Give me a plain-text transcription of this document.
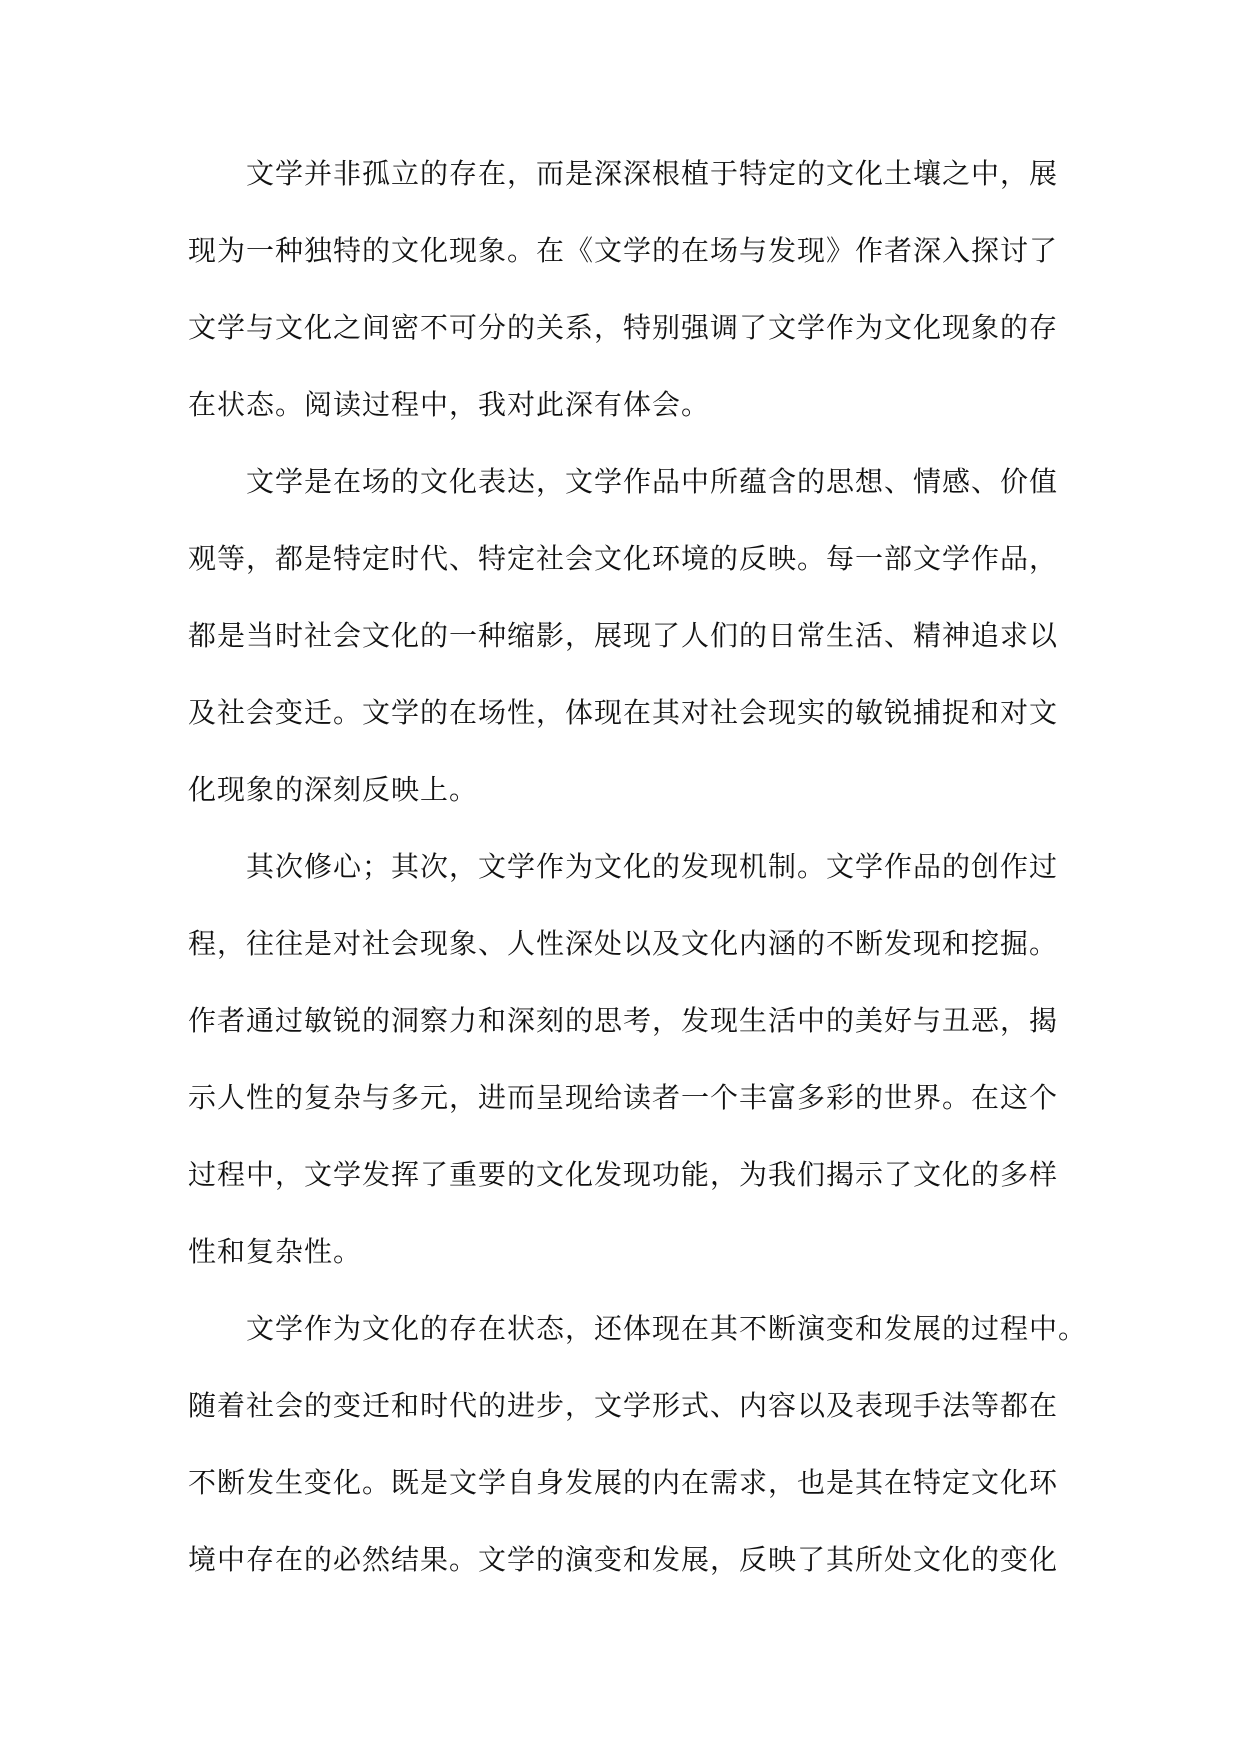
文学并非孤立的存在，而是深深根植于特定的文化土壤之中，展
现为一种独特的文化现象。在《文学的在场与发现》作者深入探讨了
文学与文化之间密不可分的关系，特别强调了文学作为文化现象的存
在状态。阅读过程中，我对此深有体会。
文学是在场的文化表达，文学作品中所蕴含的思想、情感、价值
观等，都是特定时代、特定社会文化环境的反映。每一部文学作品，
都是当时社会文化的一种缩影，展现了人们的日常生活、精神追求以
及社会变迁。文学的在场性，体现在其对社会现实的敏锐捕捉和对文
化现象的深刻反映上。
其次修心；其次，文学作为文化的发现机制。文学作品的创作过
程，往往是对社会现象、人性深处以及文化内涵的不断发现和挖掘。
作者通过敏锐的洞察力和深刻的思考，发现生活中的美好与丑恶，揭
示人性的复杂与多元，进而呈现给读者一个丰富多彩的世界。在这个
过程中，文学发挥了重要的文化发现功能，为我们揭示了文化的多样
性和复杂性。
文学作为文化的存在状态，还体现在其不断演变和发展的过程中。
随着社会的变迁和时代的进步，文学形式、内容以及表现手法等都在
不断发生变化。既是文学自身发展的内在需求，也是其在特定文化环
境中存在的必然结果。文学的演变和发展，反映了其所处文化的变化
